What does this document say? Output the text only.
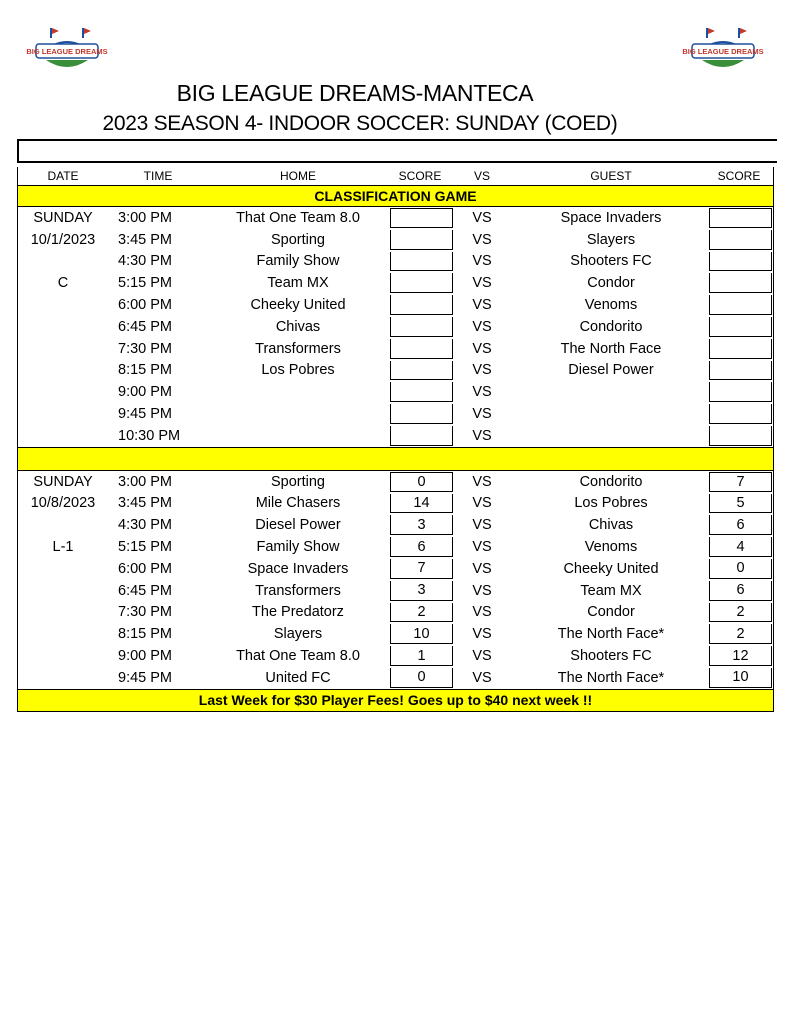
BIG LEAGUE DREAMS	BIG LEAGUE DREAMS
BIG LEAGUE DREAMS-MANTECA
2023 SEASON 4- INDOOR SOCCER: SUNDAY (COED)
DATE	TIME	HOME	SCORE	VS	GUEST	SCORE
CLASSIFICATION GAME
SUNDAY	3:00 PM	That One Team 8.0	VS	Space Invaders
10/1/2023	3:45 PM	Sporting	VS	Slayers
4:30 PM	Family Show	VS	Shooters FC
C	5:15 PM	Team MX	VS	Condor
6:00 PM	Cheeky United	VS	Venoms
6:45 PM	Chivas	VS	Condorito
7:30 PM	Transformers	VS	The North Face
8:15 PM	Los Pobres	VS	Diesel Power
9:00 PM	VS
9:45 PM	VS
10:30 PM	VS
SUNDAY	3:00 PM	Sporting	0	VS	Condorito	7
10/8/2023	3:45 PM	Mile Chasers	14	VS	Los Pobres	5
4:30 PM	Diesel Power	3	VS	Chivas	6
L-1	5:15 PM	Family Show	6	VS	Venoms	4
6:00 PM	Space Invaders	7	VS	Cheeky United	0
6:45 PM	Transformers	3	VS	Team MX	6
7:30 PM	The Predatorz	2	VS	Condor	2
8:15 PM	Slayers	10	VS	The North Face*	2
9:00 PM	That One Team 8.0	1	VS	Shooters FC	12
9:45 PM	United FC	0	VS	The North Face*	10
Last Week for $30 Player Fees! Goes up to $40 next week !!
